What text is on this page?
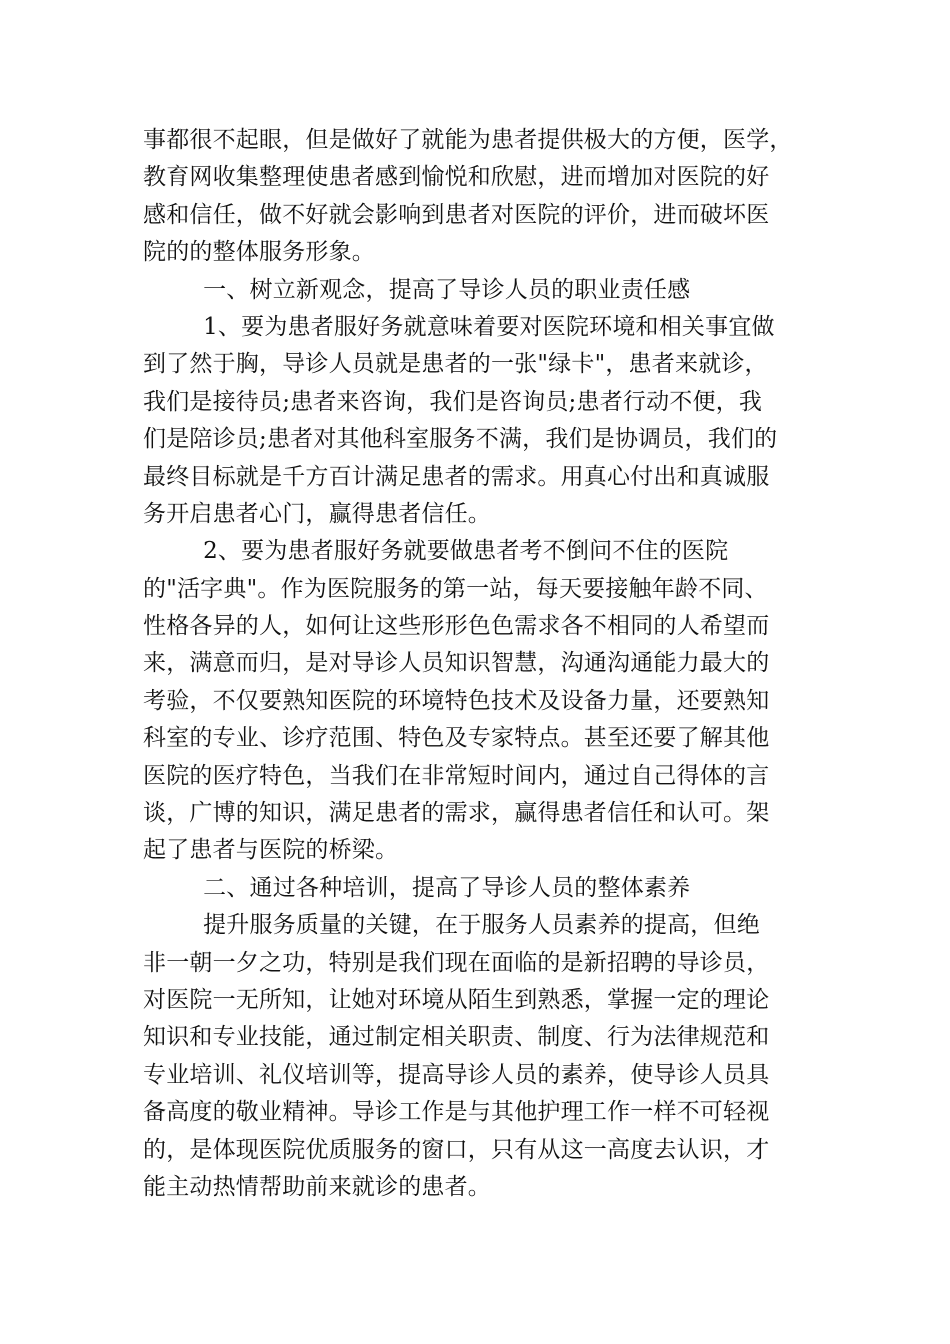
事都很不起眼，但是做好了就能为患者提供极大的方便，医学，
教育网收集整理使患者感到愉悦和欣慰，进而增加对医院的好
感和信任，做不好就会影响到患者对医院的评价，进而破坏医
院的的整体服务形象。
一、树立新观念，提高了导诊人员的职业责任感
1、要为患者服好务就意味着要对医院环境和相关事宜做
到了然于胸，导诊人员就是患者的一张"绿卡"，患者来就诊，
我们是接待员;患者来咨询，我们是咨询员;患者行动不便，我
们是陪诊员;患者对其他科室服务不满，我们是协调员，我们的
最终目标就是千方百计满足患者的需求。用真心付出和真诚服
务开启患者心门，赢得患者信任。
2、要为患者服好务就要做患者考不倒问不住的医院
的"活字典"。作为医院服务的第一站，每天要接触年龄不同、
性格各异的人，如何让这些形形色色需求各不相同的人希望而
来，满意而归，是对导诊人员知识智慧，沟通沟通能力最大的
考验，不仅要熟知医院的环境特色技术及设备力量，还要熟知
科室的专业、诊疗范围、特色及专家特点。甚至还要了解其他
医院的医疗特色，当我们在非常短时间内，通过自己得体的言
谈，广博的知识，满足患者的需求，赢得患者信任和认可。架
起了患者与医院的桥梁。
二、通过各种培训，提高了导诊人员的整体素养
提升服务质量的关键，在于服务人员素养的提高，但绝
非一朝一夕之功，特别是我们现在面临的是新招聘的导诊员，
对医院一无所知，让她对环境从陌生到熟悉，掌握一定的理论
知识和专业技能，通过制定相关职责、制度、行为法律规范和
专业培训、礼仪培训等，提高导诊人员的素养，使导诊人员具
备高度的敬业精神。导诊工作是与其他护理工作一样不可轻视
的，是体现医院优质服务的窗口，只有从这一高度去认识，才
能主动热情帮助前来就诊的患者。
